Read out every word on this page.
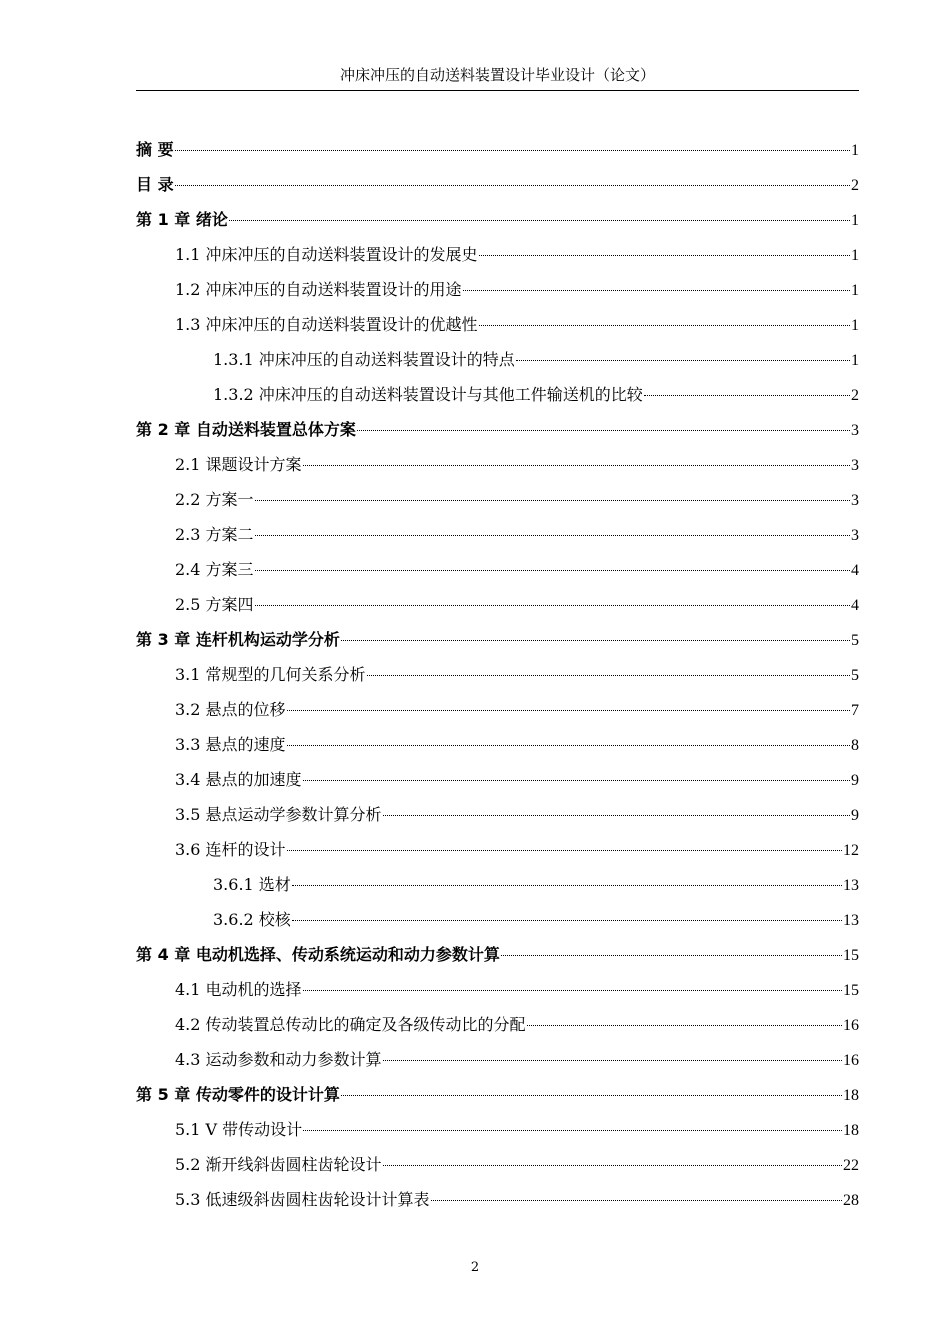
冲床冲压的自动送料装置设计毕业设计（论文）
摘 要	1
目 录	2
第 1 章 绪论	1
1.1 冲床冲压的自动送料装置设计的发展史	1
1.2 冲床冲压的自动送料装置设计的用途	1
1.3 冲床冲压的自动送料装置设计的优越性	1
1.3.1 冲床冲压的自动送料装置设计的特点	1
1.3.2 冲床冲压的自动送料装置设计与其他工件输送机的比较	2
第 2 章 自动送料装置总体方案	3
2.1 课题设计方案	3
2.2 方案一	3
2.3 方案二	3
2.4 方案三	4
2.5 方案四	4
第 3 章 连杆机构运动学分析	5
3.1 常规型的几何关系分析	5
3.2 悬点的位移	7
3.3 悬点的速度	8
3.4 悬点的加速度	9
3.5 悬点运动学参数计算分析	9
3.6 连杆的设计	12
3.6.1 选材	13
3.6.2 校核	13
第 4 章 电动机选择、传动系统运动和动力参数计算	15
4.1 电动机的选择	15
4.2 传动装置总传动比的确定及各级传动比的分配	16
4.3 运动参数和动力参数计算	16
第 5 章 传动零件的设计计算	18
5.1 V 带传动设计	18
5.2 渐开线斜齿圆柱齿轮设计	22
5.3 低速级斜齿圆柱齿轮设计计算表	28
2
